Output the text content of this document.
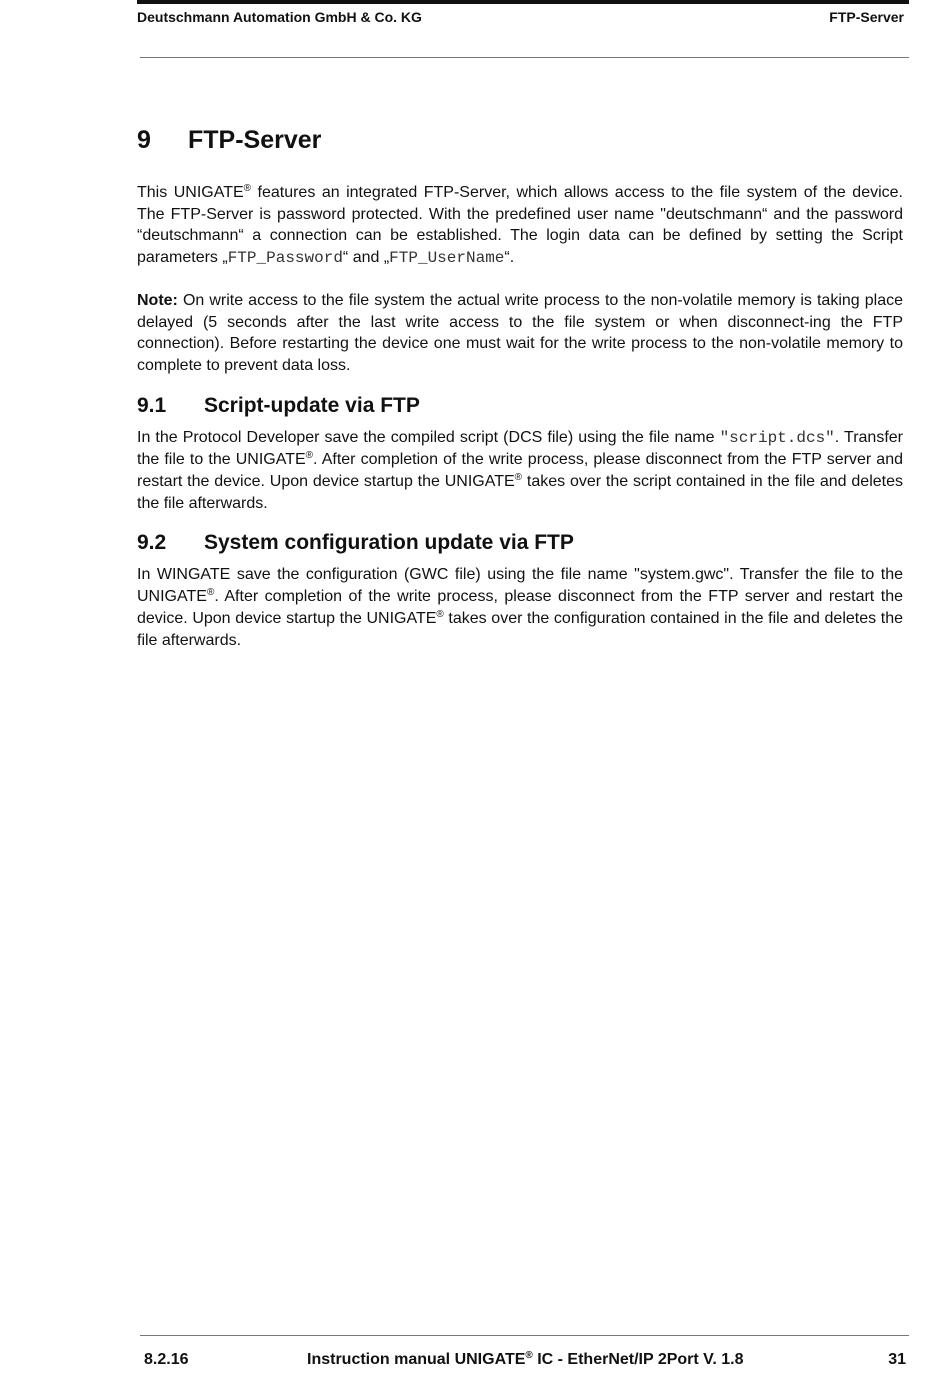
Deutschmann Automation GmbH & Co. KG	FTP-Server
9 FTP-Server

This UNIGATE® features an integrated FTP-Server, which allows access to the file system of the device. The FTP-Server is password protected. With the predefined user name "deutschmann“ and the password “deutschmann“ a connection can be established. The login data can be defined by setting the Script parameters „FTP_Password“ and „FTP_UserName“.

Note: On write access to the file system the actual write process to the non-volatile memory is taking place delayed (5 seconds after the last write access to the file system or when disconnect-ing the FTP connection). Before restarting the device one must wait for the write process to the non-volatile memory to complete to prevent data loss.

9.1 Script-update via FTP

In the Protocol Developer save the compiled script (DCS file) using the file name "script.dcs". Transfer the file to the UNIGATE®. After completion of the write process, please disconnect from the FTP server and restart the device. Upon device startup the UNIGATE® takes over the script contained in the file and deletes the file afterwards.

9.2 System configuration update via FTP

In WINGATE save the configuration (GWC file) using the file name "system.gwc". Transfer the file to the UNIGATE®. After completion of the write process, please disconnect from the FTP server and restart the device. Upon device startup the UNIGATE® takes over the configuration contained in the file and deletes the file afterwards.

8.2.16	Instruction manual UNIGATE® IC - EtherNet/IP 2Port V. 1.8	31
